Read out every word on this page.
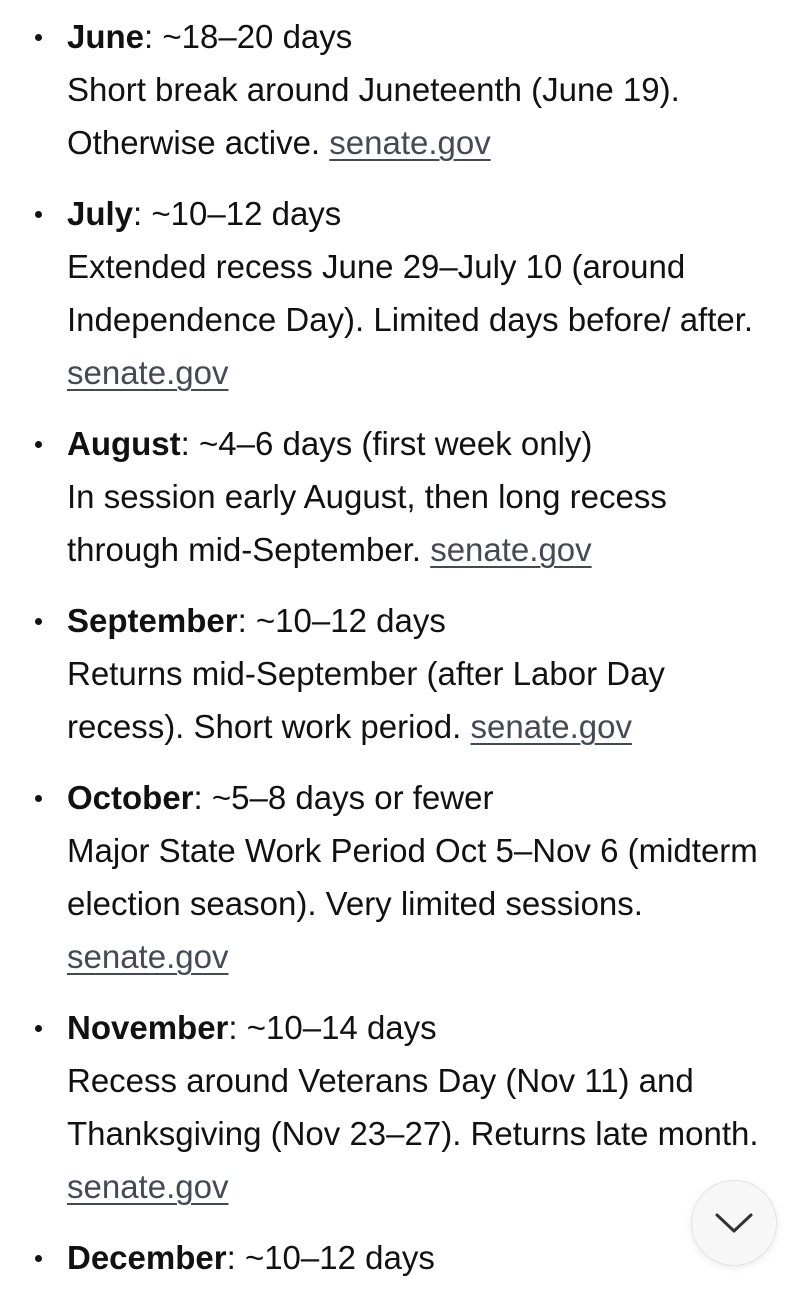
June: ~18–20 days
Short break around Juneteenth (June 19). Otherwise active. senate.gov
July: ~10–12 days
Extended recess June 29–July 10 (around Independence Day). Limited days before/ after. senate.gov
August: ~4–6 days (first week only)
In session early August, then long recess through mid-September. senate.gov
September: ~10–12 days
Returns mid-September (after Labor Day recess). Short work period. senate.gov
October: ~5–8 days or fewer
Major State Work Period Oct 5–Nov 6 (midterm election season). Very limited sessions. senate.gov
November: ~10–14 days
Recess around Veterans Day (Nov 11) and Thanksgiving (Nov 23–27). Returns late month. senate.gov
December: ~10–12 days
